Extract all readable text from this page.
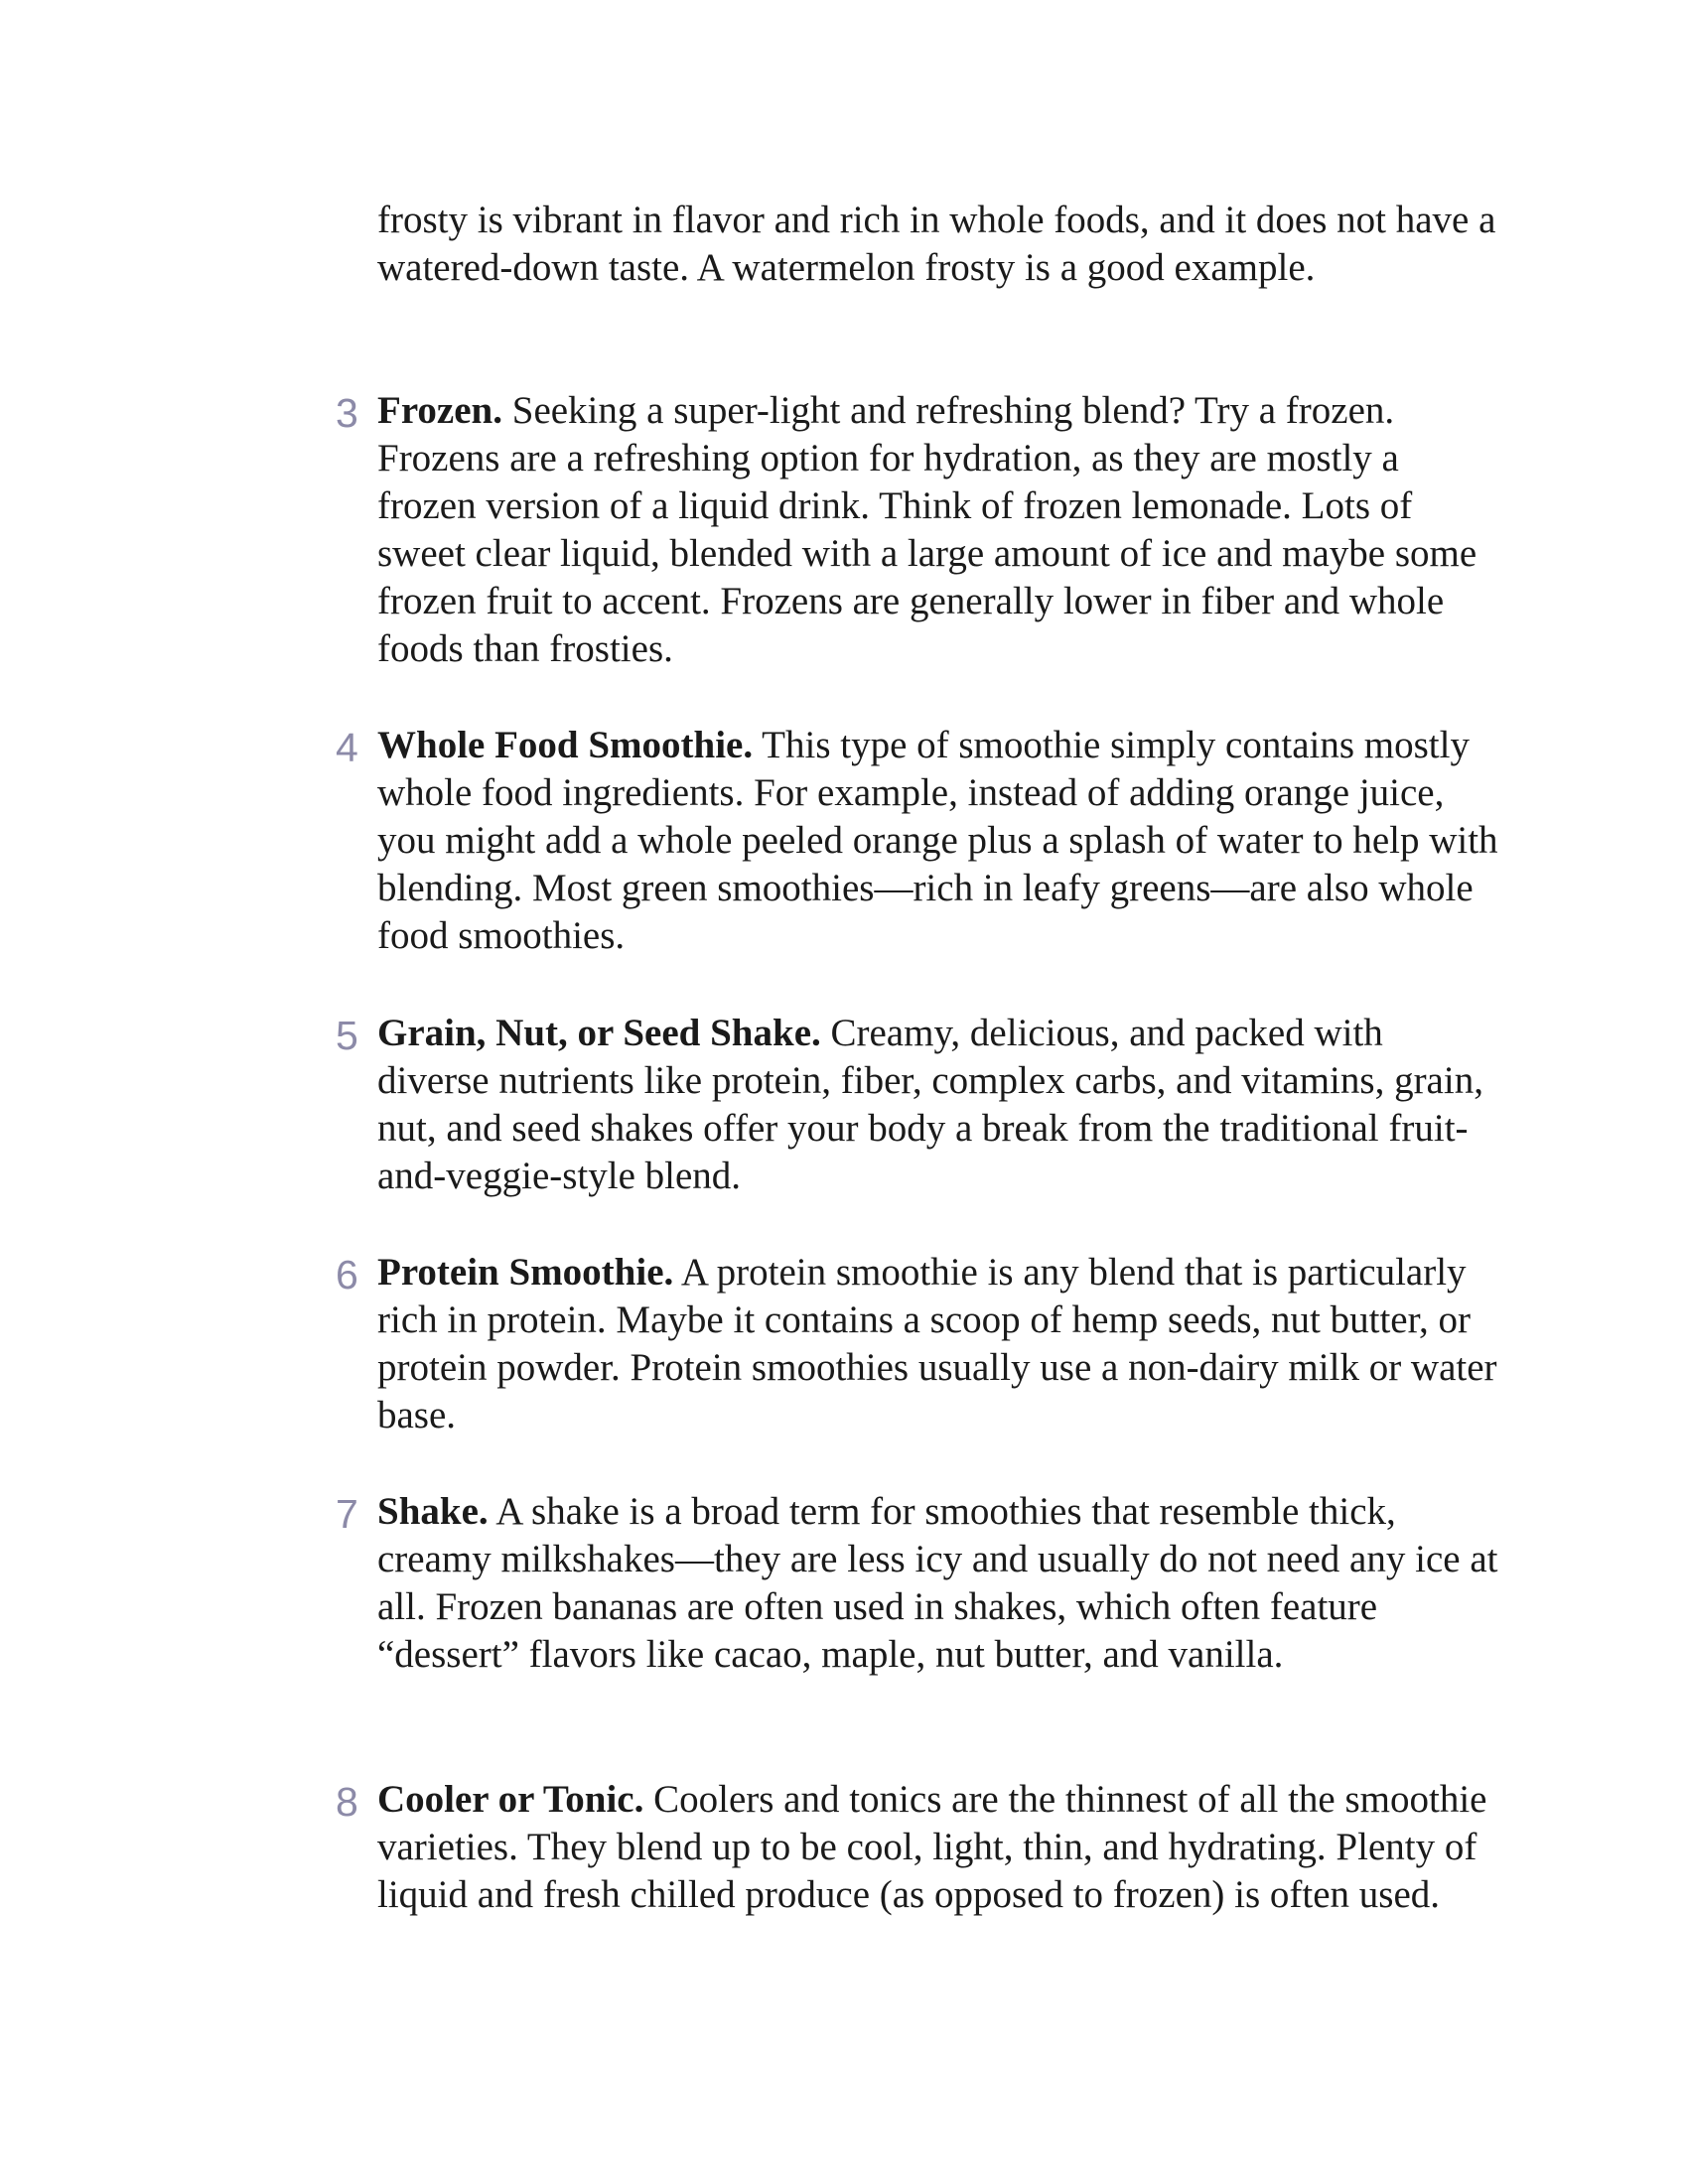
frosty is vibrant in flavor and rich in whole foods, and it does not have a watered-down taste. A watermelon frosty is a good example.

3 Frozen. Seeking a super-light and refreshing blend? Try a frozen. Frozens are a refreshing option for hydration, as they are mostly a frozen version of a liquid drink. Think of frozen lemonade. Lots of sweet clear liquid, blended with a large amount of ice and maybe some frozen fruit to accent. Frozens are generally lower in fiber and whole foods than frosties.

4 Whole Food Smoothie. This type of smoothie simply contains mostly whole food ingredients. For example, instead of adding orange juice, you might add a whole peeled orange plus a splash of water to help with blending. Most green smoothies—rich in leafy greens—are also whole food smoothies.

5 Grain, Nut, or Seed Shake. Creamy, delicious, and packed with diverse nutrients like protein, fiber, complex carbs, and vitamins, grain, nut, and seed shakes offer your body a break from the traditional fruit-and-veggie-style blend.

6 Protein Smoothie. A protein smoothie is any blend that is particularly rich in protein. Maybe it contains a scoop of hemp seeds, nut butter, or protein powder. Protein smoothies usually use a non-dairy milk or water base.

7 Shake. A shake is a broad term for smoothies that resemble thick, creamy milkshakes—they are less icy and usually do not need any ice at all. Frozen bananas are often used in shakes, which often feature “dessert” flavors like cacao, maple, nut butter, and vanilla.

8 Cooler or Tonic. Coolers and tonics are the thinnest of all the smoothie varieties. They blend up to be cool, light, thin, and hydrating. Plenty of liquid and fresh chilled produce (as opposed to frozen) is often used.
